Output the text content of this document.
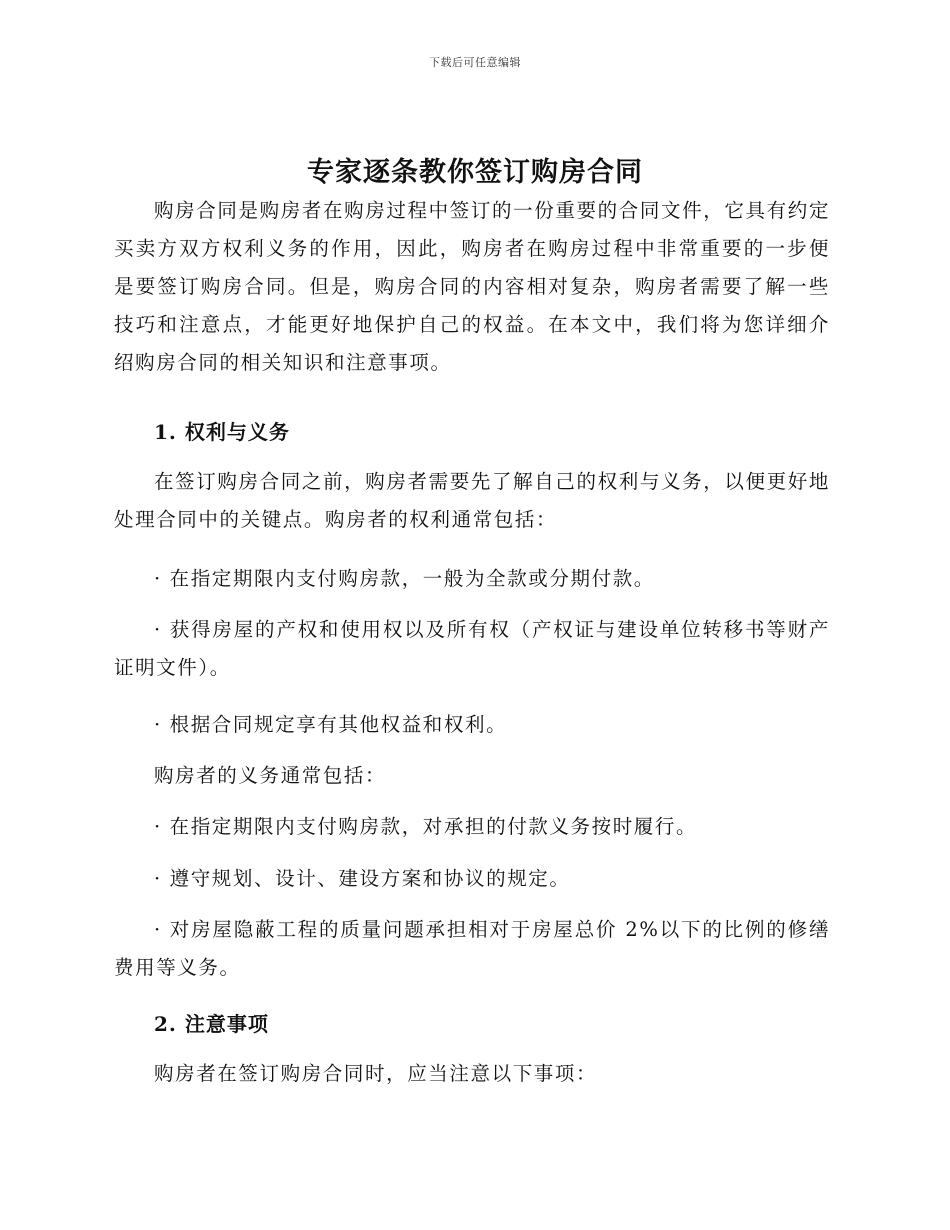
下载后可任意编辑
专家逐条教你签订购房合同

购房合同是购房者在购房过程中签订的一份重要的合同文件，它具有约定买卖方双方权利义务的作用，因此，购房者在购房过程中非常重要的一步便是要签订购房合同。但是，购房合同的内容相对复杂，购房者需要了解一些技巧和注意点，才能更好地保护自己的权益。在本文中，我们将为您详细介绍购房合同的相关知识和注意事项。

1. 权利与义务

在签订购房合同之前，购房者需要先了解自己的权利与义务，以便更好地处理合同中的关键点。购房者的权利通常包括：

· 在指定期限内支付购房款，一般为全款或分期付款。

· 获得房屋的产权和使用权以及所有权（产权证与建设单位转移书等财产证明文件）。

· 根据合同规定享有其他权益和权利。

购房者的义务通常包括：

· 在指定期限内支付购房款，对承担的付款义务按时履行。

· 遵守规划、设计、建设方案和协议的规定。

· 对房屋隐蔽工程的质量问题承担相对于房屋总价 2%以下的比例的修缮费用等义务。

2. 注意事项

购房者在签订购房合同时，应当注意以下事项：
